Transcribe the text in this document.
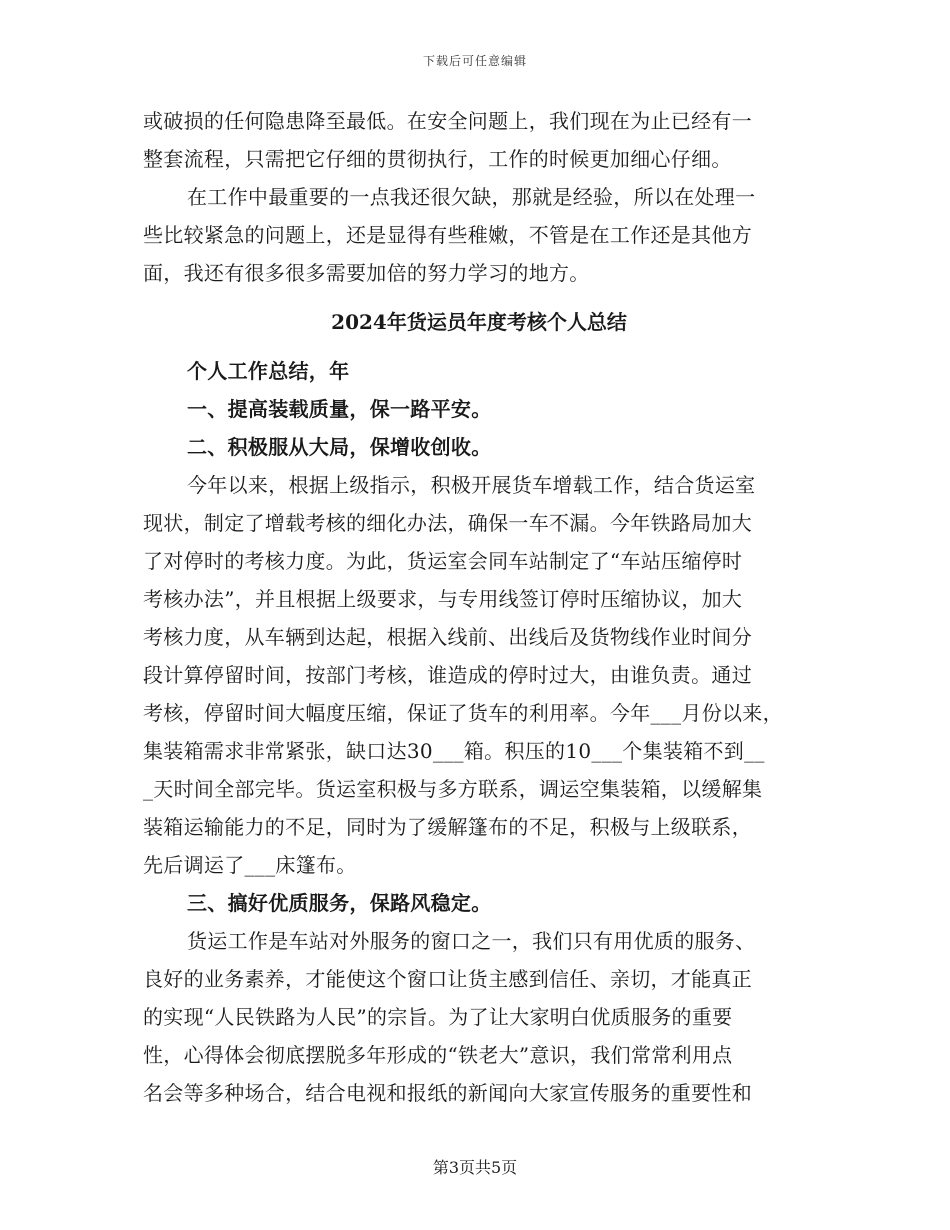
下载后可任意编辑
或破损的任何隐患降至最低。在安全问题上，我们现在为止已经有一
整套流程，只需把它仔细的贯彻执行，工作的时候更加细心仔细。
在工作中最重要的一点我还很欠缺，那就是经验，所以在处理一
些比较紧急的问题上，还是显得有些稚嫩，不管是在工作还是其他方
面，我还有很多很多需要加倍的努力学习的地方。
2024年货运员年度考核个人总结
个人工作总结，年
一、提高装载质量，保一路平安。
二、积极服从大局，保增收创收。
今年以来，根据上级指示，积极开展货车增载工作，结合货运室
现状，制定了增载考核的细化办法，确保一车不漏。今年铁路局加大
了对停时的考核力度。为此，货运室会同车站制定了“车站压缩停时
考核办法”，并且根据上级要求，与专用线签订停时压缩协议，加大
考核力度，从车辆到达起，根据入线前、出线后及货物线作业时间分
段计算停留时间，按部门考核，谁造成的停时过大，由谁负责。通过
考核，停留时间大幅度压缩，保证了货车的利用率。今年___月份以来，
集装箱需求非常紧张，缺口达30___箱。积压的10___个集装箱不到__
_天时间全部完毕。货运室积极与多方联系，调运空集装箱，以缓解集
装箱运输能力的不足，同时为了缓解篷布的不足，积极与上级联系，
先后调运了___床篷布。
三、搞好优质服务，保路风稳定。
货运工作是车站对外服务的窗口之一，我们只有用优质的服务、
良好的业务素养，才能使这个窗口让货主感到信任、亲切，才能真正
的实现“人民铁路为人民”的宗旨。为了让大家明白优质服务的重要
性，心得体会彻底摆脱多年形成的“铁老大”意识，我们常常利用点
名会等多种场合，结合电视和报纸的新闻向大家宣传服务的重要性和
第3页共5页
